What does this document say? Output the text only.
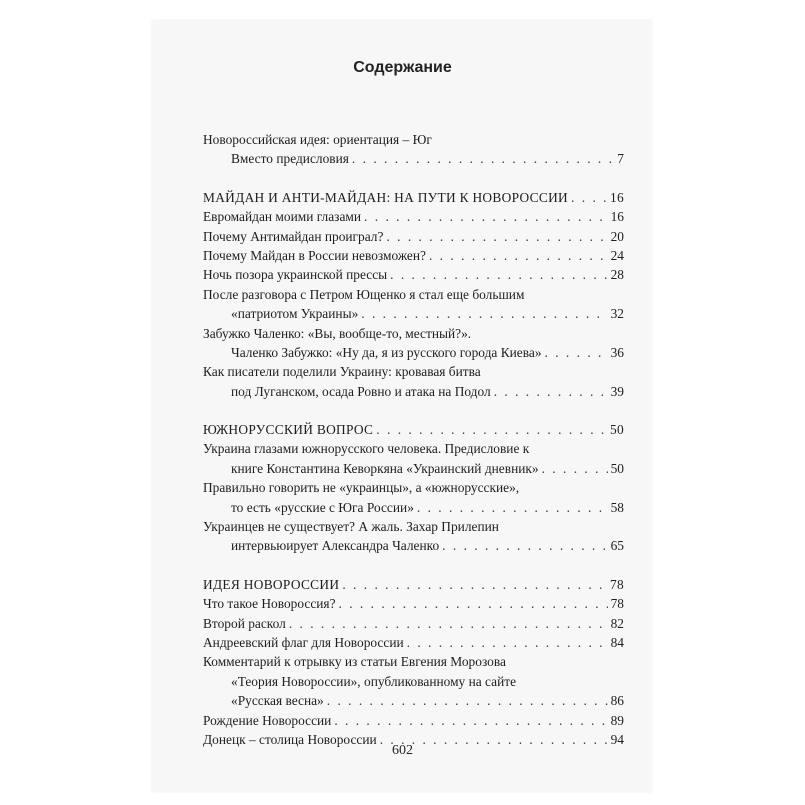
Содержание
Новороссийская идея: ориентация – Юг
Вместо предисловия . . .	7
МАЙДАН И АНТИ-МАЙДАН: НА ПУТИ К НОВОРОССИИ . . .	16
Евромайдан моими глазами . . .	16
Почему Антимайдан проиграл? . . .	20
Почему Майдан в России невозможен? . . .	24
Ночь позора украинской прессы . . .	28
После разговора с Петром Ющенко я стал еще большим
«патриотом Украины» . . .	32
Забужко Чаленко: «Вы, вообще-то, местный?».
Чаленко Забужко: «Ну да, я из русского города Киева» . . .	36
Как писатели поделили Украину: кровавая битва
под Луганском, осада Ровно и атака на Подол . . .	39
ЮЖНОРУССКИЙ ВОПРОС . . .	50
Украина глазами южнорусского человека. Предисловие к
книге Константина Кеворкяна «Украинский дневник» . . .	50
Правильно говорить не «украинцы», а «южнорусские»,
то есть «русские с Юга России» . . .	58
Украинцев не существует? А жаль. Захар Прилепин
интервьюирует Александра Чаленко . . .	65
ИДЕЯ НОВОРОССИИ . . .	78
Что такое Новороссия? . . .	78
Второй раскол . . .	82
Андреевский флаг для Новороссии . . .	84
Комментарий к отрывку из статьи Евгения Морозова
«Теория Новороссии», опубликованному на сайте
«Русская весна» . . .	86
Рождение Новороссии . . .	89
Донецк – столица Новороссии . . .	94
602
